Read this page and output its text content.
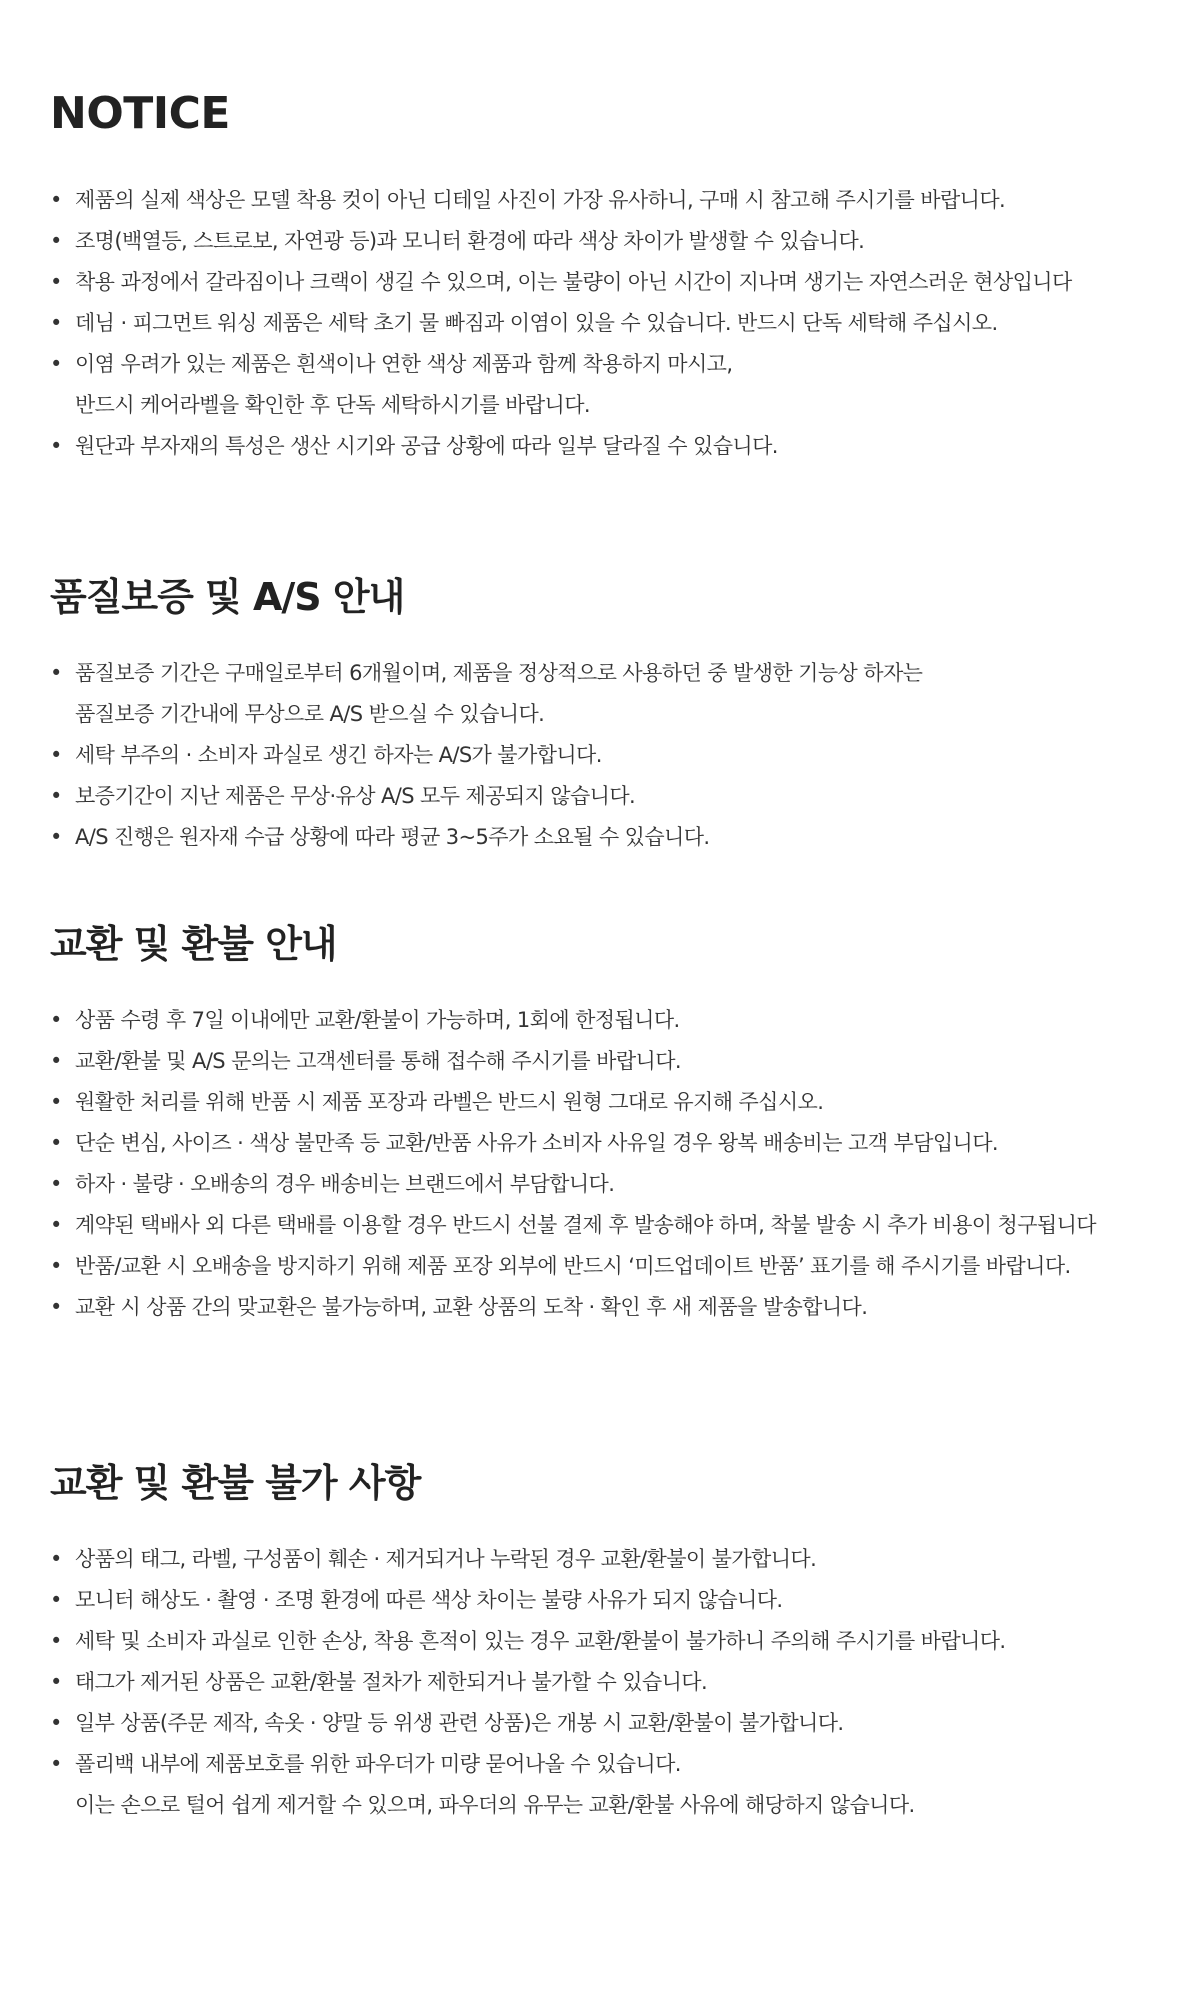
NOTICE
• 제품의 실제 색상은 모델 착용 컷이 아닌 디테일 사진이 가장 유사하니, 구매 시 참고해 주시기를 바랍니다.
• 조명(백열등, 스트로보, 자연광 등)과 모니터 환경에 따라 색상 차이가 발생할 수 있습니다.
• 착용 과정에서 갈라짐이나 크랙이 생길 수 있으며, 이는 불량이 아닌 시간이 지나며 생기는 자연스러운 현상입니다
• 데님 · 피그먼트 워싱 제품은 세탁 초기 물 빠짐과 이염이 있을 수 있습니다. 반드시 단독 세탁해 주십시오.
• 이염 우려가 있는 제품은 흰색이나 연한 색상 제품과 함께 착용하지 마시고,
반드시 케어라벨을 확인한 후 단독 세탁하시기를 바랍니다.
• 원단과 부자재의 특성은 생산 시기와 공급 상황에 따라 일부 달라질 수 있습니다.
품질보증 및 A/S 안내
• 품질보증 기간은 구매일로부터 6개월이며, 제품을 정상적으로 사용하던 중 발생한 기능상 하자는
품질보증 기간내에 무상으로 A/S 받으실 수 있습니다.
• 세탁 부주의 · 소비자 과실로 생긴 하자는 A/S가 불가합니다.
• 보증기간이 지난 제품은 무상·유상 A/S 모두 제공되지 않습니다.
• A/S 진행은 원자재 수급 상황에 따라 평균 3~5주가 소요될 수 있습니다.
교환 및 환불 안내
• 상품 수령 후 7일 이내에만 교환/환불이 가능하며, 1회에 한정됩니다.
• 교환/환불 및 A/S 문의는 고객센터를 통해 접수해 주시기를 바랍니다.
• 원활한 처리를 위해 반품 시 제품 포장과 라벨은 반드시 원형 그대로 유지해 주십시오.
• 단순 변심, 사이즈 · 색상 불만족 등 교환/반품 사유가 소비자 사유일 경우 왕복 배송비는 고객 부담입니다.
• 하자 · 불량 · 오배송의 경우 배송비는 브랜드에서 부담합니다.
• 계약된 택배사 외 다른 택배를 이용할 경우 반드시 선불 결제 후 발송해야 하며, 착불 발송 시 추가 비용이 청구됩니다
• 반품/교환 시 오배송을 방지하기 위해 제품 포장 외부에 반드시 ‘미드업데이트 반품’ 표기를 해 주시기를 바랍니다.
• 교환 시 상품 간의 맞교환은 불가능하며, 교환 상품의 도착 · 확인 후 새 제품을 발송합니다.
교환 및 환불 불가 사항
• 상품의 태그, 라벨, 구성품이 훼손 · 제거되거나 누락된 경우 교환/환불이 불가합니다.
• 모니터 해상도 · 촬영 · 조명 환경에 따른 색상 차이는 불량 사유가 되지 않습니다.
• 세탁 및 소비자 과실로 인한 손상, 착용 흔적이 있는 경우 교환/환불이 불가하니 주의해 주시기를 바랍니다.
• 태그가 제거된 상품은 교환/환불 절차가 제한되거나 불가할 수 있습니다.
• 일부 상품(주문 제작, 속옷 · 양말 등 위생 관련 상품)은 개봉 시 교환/환불이 불가합니다.
• 폴리백 내부에 제품보호를 위한 파우더가 미량 묻어나올 수 있습니다.
이는 손으로 털어 쉽게 제거할 수 있으며, 파우더의 유무는 교환/환불 사유에 해당하지 않습니다.
